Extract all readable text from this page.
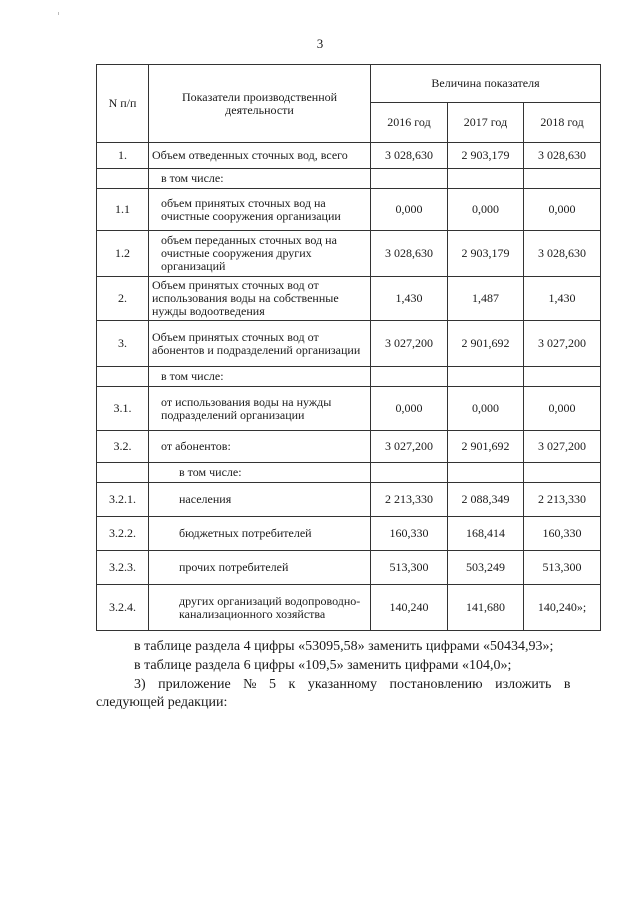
3
N п/п	Показатели производственной деятельности	Величина показателя		
		2016 год	2017 год	2018 год
1.	Объем отведенных сточных вод, всего	3 028,630	2 903,179	3 028,630
	в том числе:			
1.1	объем принятых сточных вод на очистные сооружения организации	0,000	0,000	0,000
1.2	объем переданных сточных вод на очистные сооружения других организаций	3 028,630	2 903,179	3 028,630
2.	Объем принятых сточных вод от использования воды на собственные нужды водоотведения	1,430	1,487	1,430
3.	Объем принятых сточных вод от абонентов и подразделений организации	3 027,200	2 901,692	3 027,200
	в том числе:			
3.1.	от использования воды на нужды подразделений организации	0,000	0,000	0,000
3.2.	от абонентов:	3 027,200	2 901,692	3 027,200
	в том числе:			
3.2.1.	населения	2 213,330	2 088,349	2 213,330
3.2.2.	бюджетных потребителей	160,330	168,414	160,330
3.2.3.	прочих потребителей	513,300	503,249	513,300
3.2.4.	других организаций водопроводно-канализационного хозяйства	140,240	141,680	140,240»;
в таблице раздела 4 цифры «53095,58» заменить цифрами «50434,93»;
в таблице раздела 6 цифры «109,5» заменить цифрами «104,0»;
3) приложение № 5 к указанному постановлению изложить в
следующей редакции:
